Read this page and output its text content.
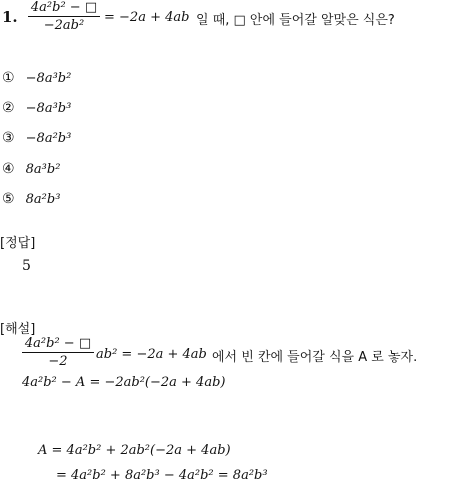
1.
4a²b² − □
−2ab²
= −2a + 4ab 일 때, □ 안에 들어갈 알맞은 식은?
① −8a³b²
② −8a³b³
③ −8a²b³
④ 8a³b²
⑤ 8a²b³
[정답]
5
[해설]
4a²b² − □
−2	ab² = −2a + 4ab 에서 빈 칸에 들어갈 식을 A 로 놓자.
4a²b² − A = −2ab²(−2a + 4ab)
A = 4a²b² + 2ab²(−2a + 4ab)
= 4a²b² + 8a²b³ − 4a²b² = 8a²b³
